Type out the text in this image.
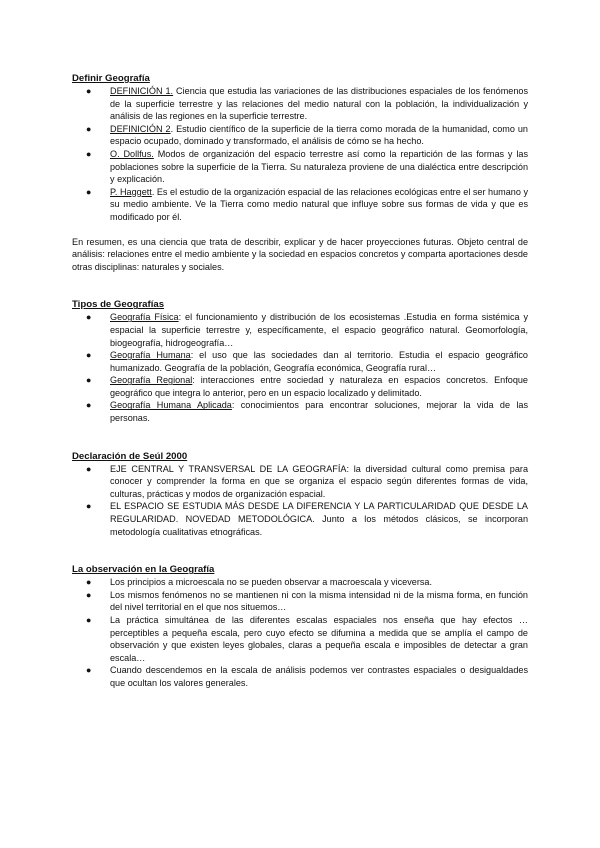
Definir Geografía

● DEFINICIÓN 1. Ciencia que estudia las variaciones de las distribuciones espaciales de los fenómenos de la superficie terrestre y las relaciones del medio natural con la población, la individualización y análisis de las regiones en la superficie terrestre.
● DEFINICIÓN 2. Estudio científico de la superficie de la tierra como morada de la humanidad, como un espacio ocupado, dominado y transformado, el análisis de cómo se ha hecho.
● O. Dollfus. Modos de organización del espacio terrestre así como la repartición de las formas y las poblaciones sobre la superficie de la Tierra. Su naturaleza proviene de una dialéctica entre descripción y explicación.
● P. Haggett. Es el estudio de la organización espacial de las relaciones ecológicas entre el ser humano y su medio ambiente. Ve la Tierra como medio natural que influye sobre sus formas de vida y que es modificado por él.

En resumen, es una ciencia que trata de describir, explicar y de hacer proyecciones futuras. Objeto central de análisis: relaciones entre el medio ambiente y la sociedad en espacios concretos y comparta aportaciones desde otras disciplinas: naturales y sociales.

Tipos de Geografías

● Geografía Física: el funcionamiento y distribución de los ecosistemas .Estudia en forma sistémica y espacial la superficie terrestre y, específicamente, el espacio geográfico natural. Geomorfología, biogeografía, hidrogeografía…
● Geografía Humana: el uso que las sociedades dan al territorio. Estudia el espacio geográfico humanizado. Geografía de la población, Geografía económica, Geografía rural…
● Geografía Regional: interacciones entre sociedad y naturaleza en espacios concretos. Enfoque geográfico que integra lo anterior, pero en un espacio localizado y delimitado.
● Geografía Humana Aplicada: conocimientos para encontrar soluciones, mejorar la vida de las personas.

Declaración de Seúl 2000

● EJE CENTRAL Y TRANSVERSAL DE LA GEOGRAFÍA: la diversidad cultural como premisa para conocer y comprender la forma en que se organiza el espacio según diferentes formas de vida, culturas, prácticas y modos de organización espacial.
● EL ESPACIO SE ESTUDIA MÁS DESDE LA DIFERENCIA Y LA PARTICULARIDAD QUE DESDE LA REGULARIDAD. NOVEDAD METODOLÓGICA. Junto a los métodos clásicos, se incorporan metodología cualitativas etnográficas.

La observación en la Geografía

● Los principios a microescala no se pueden observar a macroescala y viceversa.
● Los mismos fenómenos no se mantienen ni con la misma intensidad ni de la misma forma, en función del nivel territorial en el que nos situemos…
● La práctica simultánea de las diferentes escalas espaciales nos enseña que hay efectos … perceptibles a pequeña escala, pero cuyo efecto se difumina a medida que se amplía el campo de observación y que existen leyes globales, claras a pequeña escala e imposibles de detectar a gran escala…
● Cuando descendemos en la escala de análisis podemos ver contrastes espaciales o desigualdades que ocultan los valores generales.
